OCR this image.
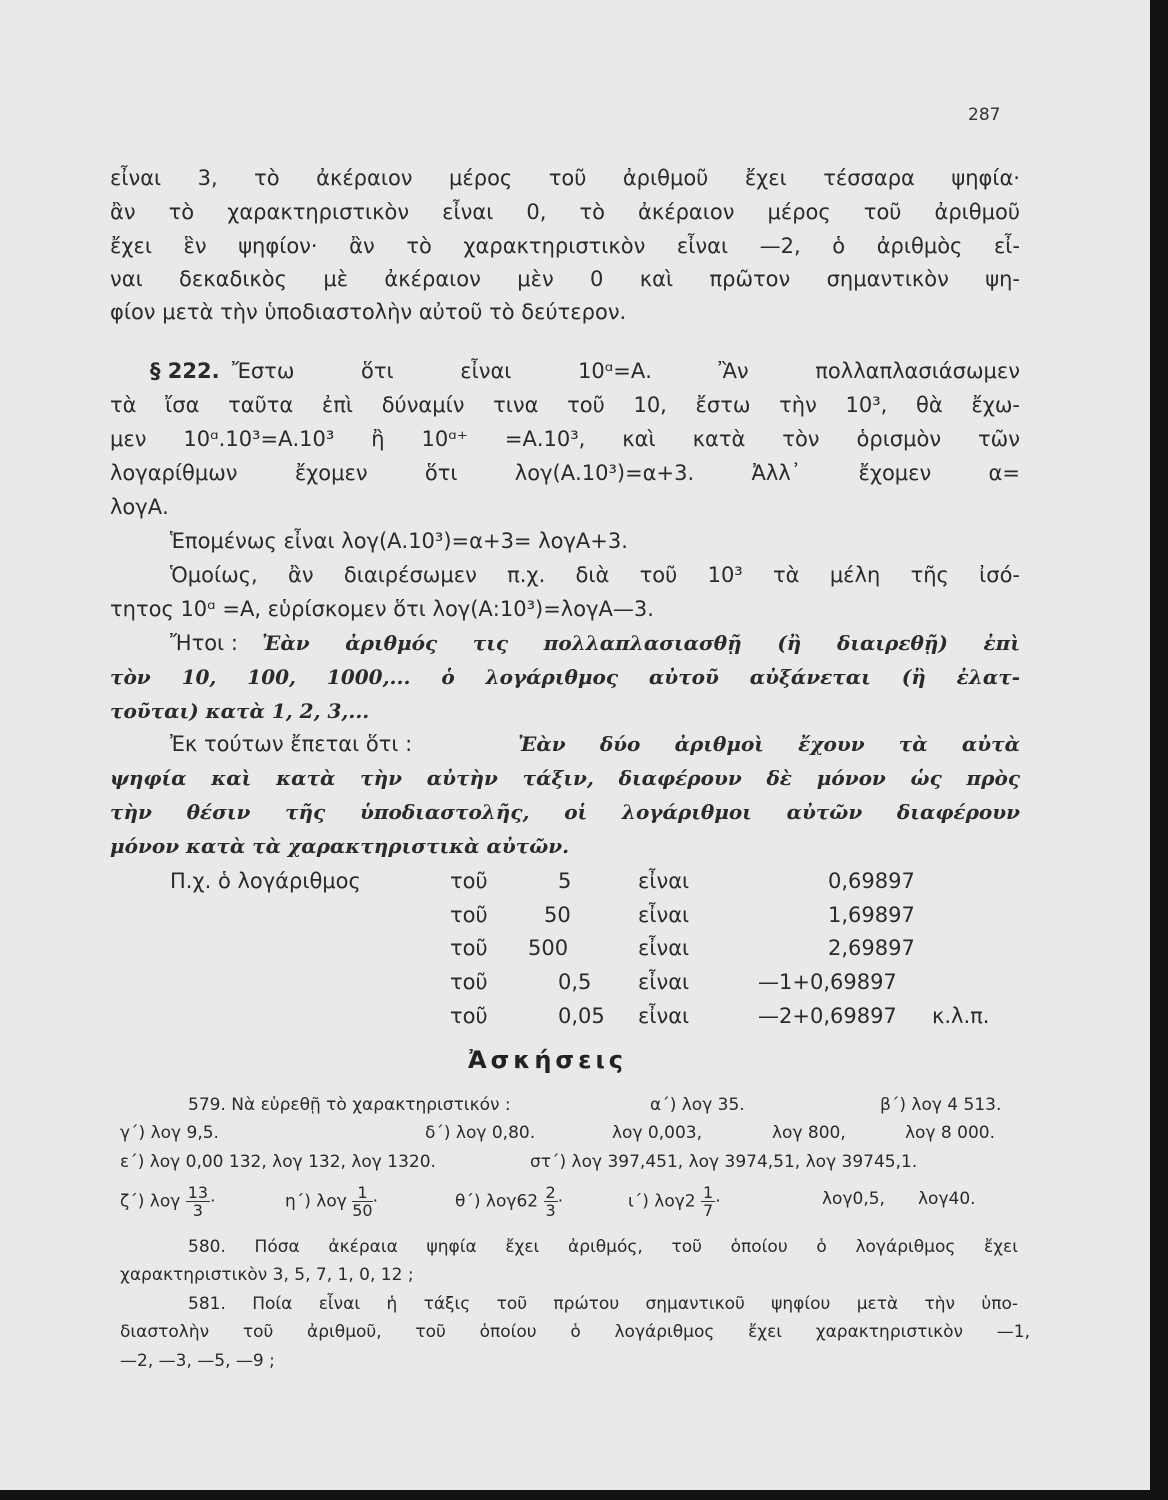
287
εἶναι 3, τὸ ἀκέραιον μέρος τοῦ ἀριθμοῦ ἔχει τέσσαρα ψηφία·
ἂν τὸ χαρακτηριστικὸν εἶναι 0, τὸ ἀκέραιον μέρος τοῦ ἀριθμοῦ
ἔχει ἓν ψηφίον· ἂν τὸ χαρακτηριστικὸν εἶναι —2, ὁ ἀριθμὸς εἶ-
ναι δεκαδικὸς μὲ ἀκέραιον μὲν 0 καὶ πρῶτον σημαντικὸν ψη-
φίον μετὰ τὴν ὑποδιαστολὴν αὐτοῦ τὸ δεύτερον.
§ 222. Ἔστω ὅτι εἶναι 10ᵅ=Α. Ἂν πολλαπλασιάσωμεν
τὰ ἴσα ταῦτα ἐπὶ δύναμίν τινα τοῦ 10, ἔστω τὴν 10³, θὰ ἔχω-
μεν 10ᵅ.10³=Α.10³ ἢ 10ᵅ⁺ =Α.10³, καὶ κατὰ τὸν ὁρισμὸν τῶν
λογαρίθμων ἔχομεν ὅτι λογ(Α.10³)=α+3. Ἀλλ᾽ ἔχομεν α=
λογΑ.
Ἑπομένως εἶναι λογ(Α.10³)=α+3= λογΑ+3.
Ὁμοίως, ἂν διαιρέσωμεν π.χ. διὰ τοῦ 10³ τὰ μέλη τῆς ἰσό-
τητος 10ᵅ =Α, εὑρίσκομεν ὅτι λογ(Α:10³)=λογΑ—3.
Ἤτοι : Ἐὰν ἀριθμός τις πολλαπλασιασθῇ (ἢ διαιρεθῇ) ἐπὶ
τὸν 10, 100, 1000,... ὁ λογάριθμος αὐτοῦ αὐξάνεται (ἢ ἐλατ-
τοῦται) κατὰ 1, 2, 3,...
Ἐκ τούτων ἔπεται ὅτι :	Ἐὰν δύο ἀριθμοὶ ἔχουν τὰ αὐτὰ
ψηφία καὶ κατὰ τὴν αὐτὴν τάξιν, διαφέρουν δὲ μόνον ὡς πρὸς
τὴν θέσιν τῆς ὑποδιαστολῆς, οἱ λογάριθμοι αὐτῶν διαφέρουν
μόνον κατὰ τὰ χαρακτηριστικὰ αὐτῶν.
Π.χ. ὁ λογάριθμος	τοῦ	5	εἶναι	0,69897
τοῦ	50	εἶναι	1,69897
τοῦ 500	εἶναι	2,69897
τοῦ	0,5 εἶναι	—1+0,69897
τοῦ	0,05 εἶναι	—2+0,69897 κ.λ.π.
Ἀσκήσεις
579. Νὰ εὑρεθῇ τὸ χαρακτηριστικόν :	α΄) λογ 35.	β΄) λογ 4 513.
γ΄) λογ 9,5.	δ΄) λογ 0,80.	λογ 0,003,	λογ 800,	λογ 8 000.
ε΄) λογ 0,00 132, λογ 132, λογ 1320.	στ΄) λογ 397,451, λογ 3974,51, λογ 39745,1.
ζ΄) λογ $\frac{13}{3}$ ·	η΄) λογ $\frac{1}{50}$ ·	θ΄) $\lambda o\gamma 62 \frac{2}{3}$ ·	ι΄) $\lambda o\gamma 2 \frac{1}{7}$ ·	λογ0,5, λογ40.
580. Πόσα ἀκέραια ψηφία ἔχει ἀριθμός, τοῦ ὁποίου ὁ λογάριθμος ἔχει
χαρακτηριστικὸν 3, 5, 7, 1, 0, 12 ;
581. Ποία εἶναι ἡ τάξις τοῦ πρώτου σημαντικοῦ ψηφίου μετὰ τὴν ὑπο-
διαστολὴν τοῦ ἀριθμοῦ, τοῦ ὁποίου ὁ λογάριθμος ἔχει χαρακτηριστικὸν —1,
—2, —3, —5, —9 ;
